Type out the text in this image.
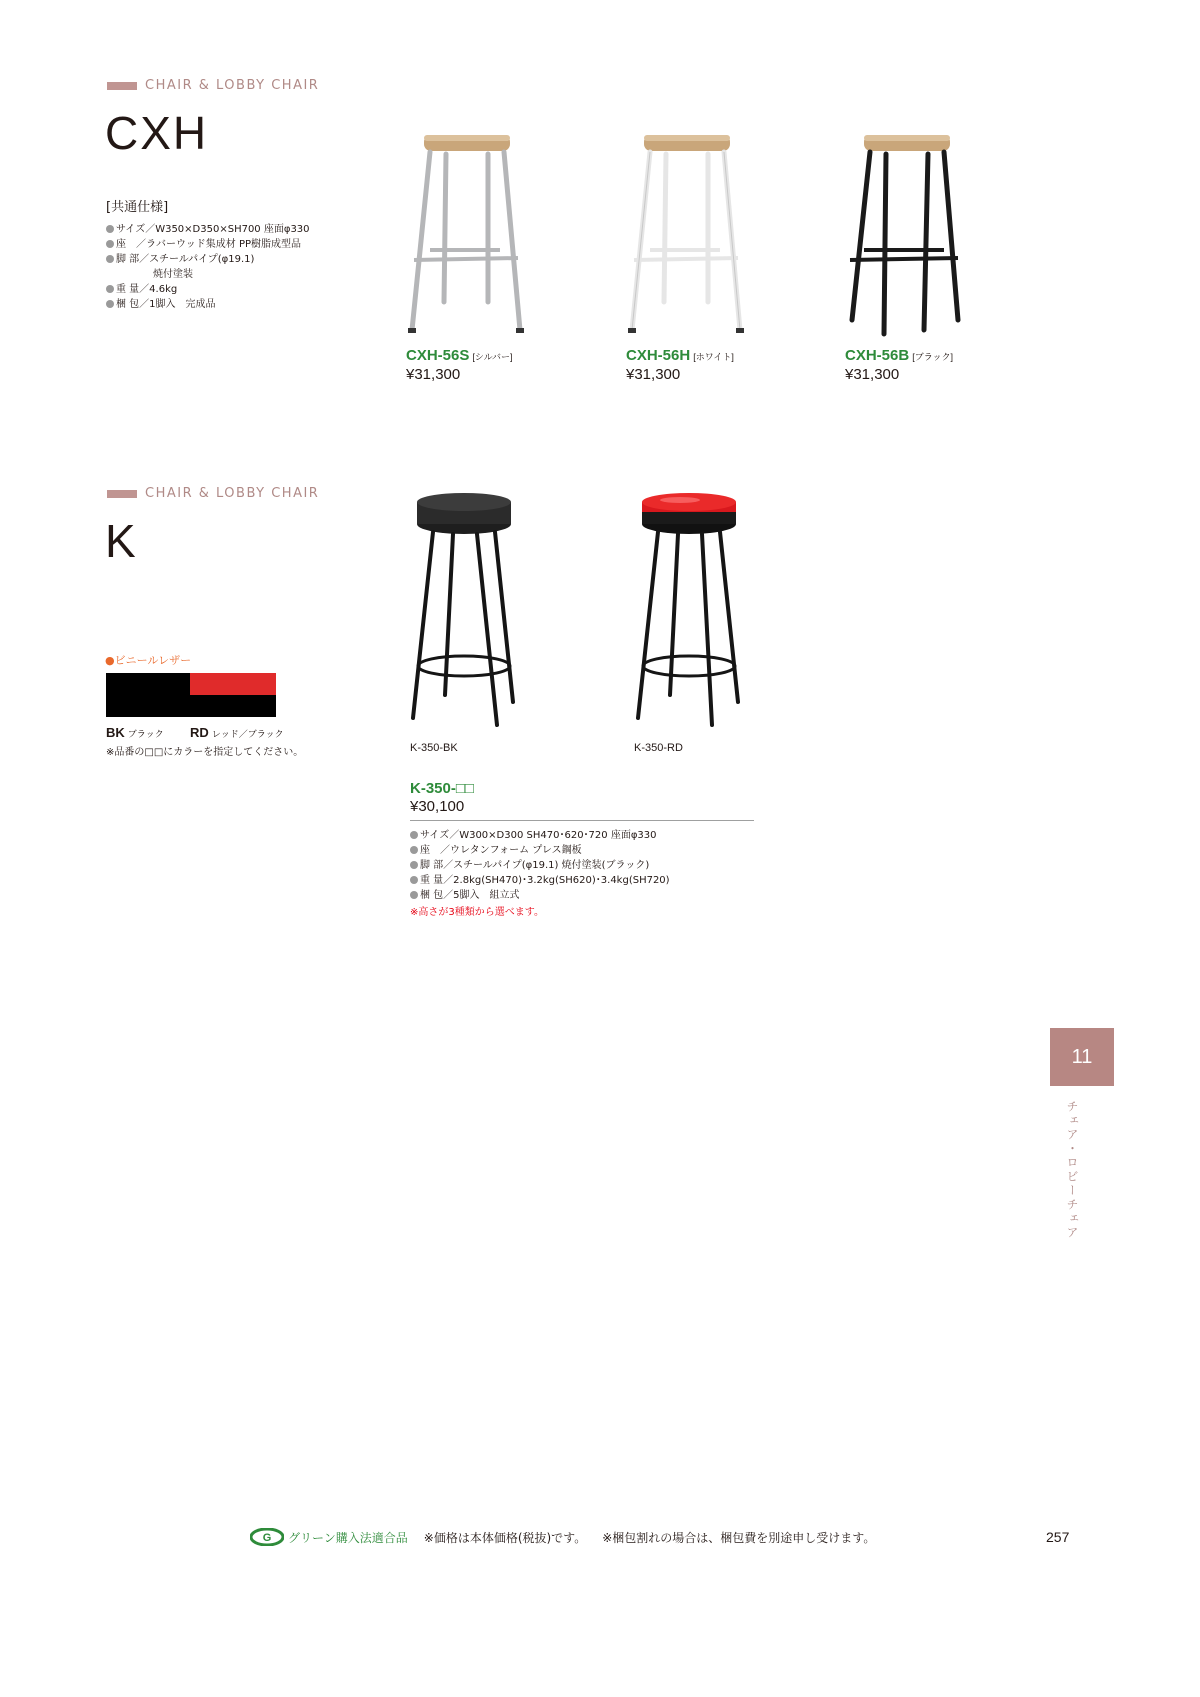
CHAIR & LOBBY CHAIR
CXH
[共通仕様]
サイズ／W350×D350×SH700 座面φ330
座　／ラバーウッド集成材 PP樹脂成型品
脚 部／スチールパイプ(φ19.1)
焼付塗装
重 量／4.6kg
梱 包／1脚入　完成品
CXH-56S [シルバー]
¥31,300
CXH-56H [ホワイト]
¥31,300
CXH-56B [ブラック]
¥31,300
CHAIR & LOBBY CHAIR
K
●ビニールレザー
BK ブラック RD レッド／ブラック
※品番の□□にカラーを指定してください。	K-350-BK	K-350-RD
K-350-□□
¥30,100
サイズ／W300×D300 SH470･620･720 座面φ330
座　／ウレタンフォーム プレス鋼板
脚 部／スチールパイプ(φ19.1) 焼付塗装(ブラック)
重 量／2.8kg(SH470)･3.2kg(SH620)･3.4kg(SH720)
梱 包／5脚入　組立式
※高さが3種類から選べます。
11
チェア・ロビーチェア
G グリーン購入法適合品 ※価格は本体価格(税抜)です。 ※梱包割れの場合は、梱包費を別途申し受けます。	257
